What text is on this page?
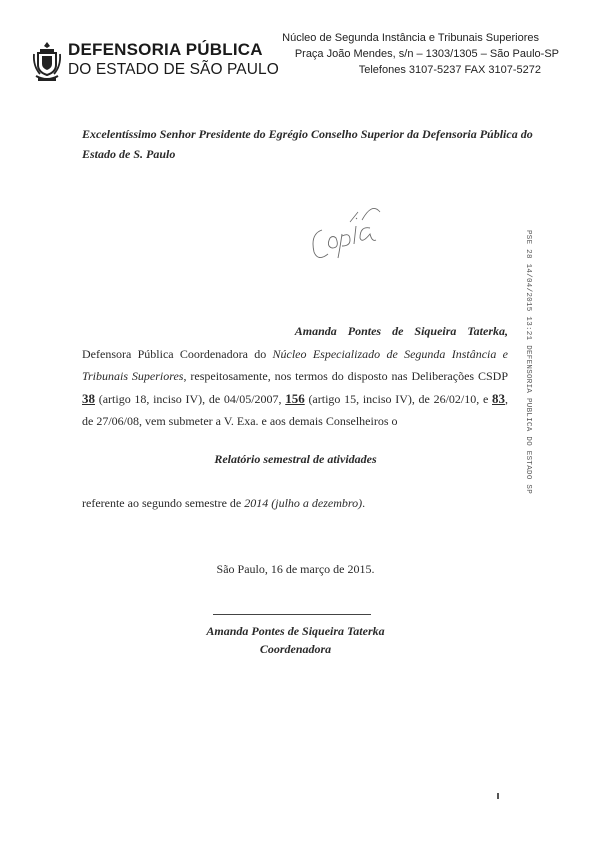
DEFENSORIA PÚBLICA
DO ESTADO DE SÃO PAULO
Núcleo de Segunda Instância e Tribunais Superiores
Praça João Mendes, s/n – 1303/1305 – São Paulo-SP
Telefones 3107-5237 FAX 3107-5272
Excelentíssimo Senhor Presidente do Egrégio Conselho Superior da Defensoria Pública do Estado de S. Paulo
PSE 28 14/04/2015 13:21 DEFENSORIA PUBLICA DO ESTADO SP
Amanda Pontes de Siqueira Taterka,
Defensora Pública Coordenadora do Núcleo Especializado de Segunda Instância e Tribunais Superiores, respeitosamente, nos termos do disposto nas Deliberações CSDP 38 (artigo 18, inciso IV), de 04/05/2007, 156 (artigo 15, inciso IV), de 26/02/10, e 83, de 27/06/08, vem submeter a V. Exa. e aos demais Conselheiros o
Relatório semestral de atividades
referente ao segundo semestre de 2014 (julho a dezembro).
São Paulo, 16 de março de 2015.
Amanda Pontes de Siqueira Taterka
Coordenadora
